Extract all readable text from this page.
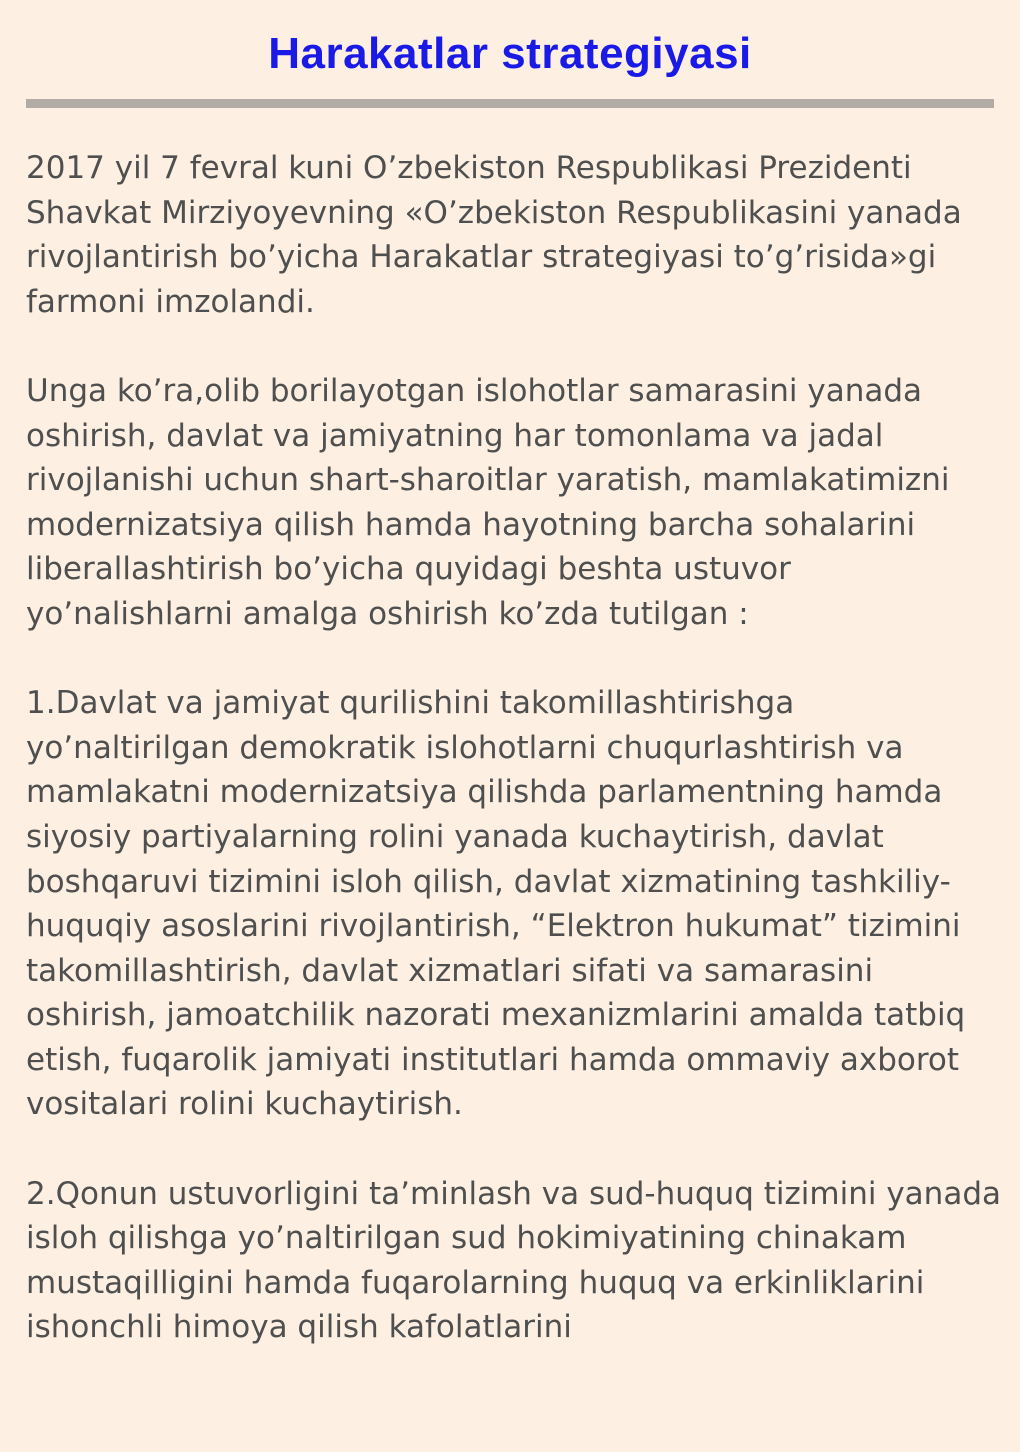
Harakatlar strategiyasi

2017 yil 7 fevral kuni O’zbekiston Respublikasi Prezidenti Shavkat Mirziyoyevning «O’zbekiston Respublikasini yanada rivojlantirish bo’yicha Harakatlar strategiyasi to’g’risida»gi farmoni imzolandi.

Unga ko’ra,olib borilayotgan islohotlar samarasini yanada oshirish, davlat va jamiyatning har tomonlama va jadal rivojlanishi uchun shart-sharoitlar yaratish, mamlakatimizni modernizatsiya qilish hamda hayotning barcha sohalarini liberallashtirish bo’yicha quyidagi beshta ustuvor yo’nalishlarni amalga oshirish ko’zda tutilgan :

1.Davlat va jamiyat qurilishini takomillashtirishga yo’naltirilgan demokratik islohotlarni chuqurlashtirish va mamlakatni modernizatsiya qilishda parlamentning hamda siyosiy partiyalarning rolini yanada kuchaytirish, davlat boshqaruvi tizimini isloh qilish, davlat xizmatining tashkiliy-huquqiy asoslarini rivojlantirish, “Elektron hukumat” tizimini takomillashtirish, davlat xizmatlari sifati va samarasini oshirish, jamoatchilik nazorati mexanizmlarini amalda tatbiq etish, fuqarolik jamiyati institutlari hamda ommaviy axborot vositalari rolini kuchaytirish.

2.Qonun ustuvorligini ta’minlash va sud-huquq tizimini yanada isloh qilishga yo’naltirilgan sud hokimiyatining chinakam mustaqilligini hamda fuqarolarning huquq va erkinliklarini ishonchli himoya qilish kafolatlarini
